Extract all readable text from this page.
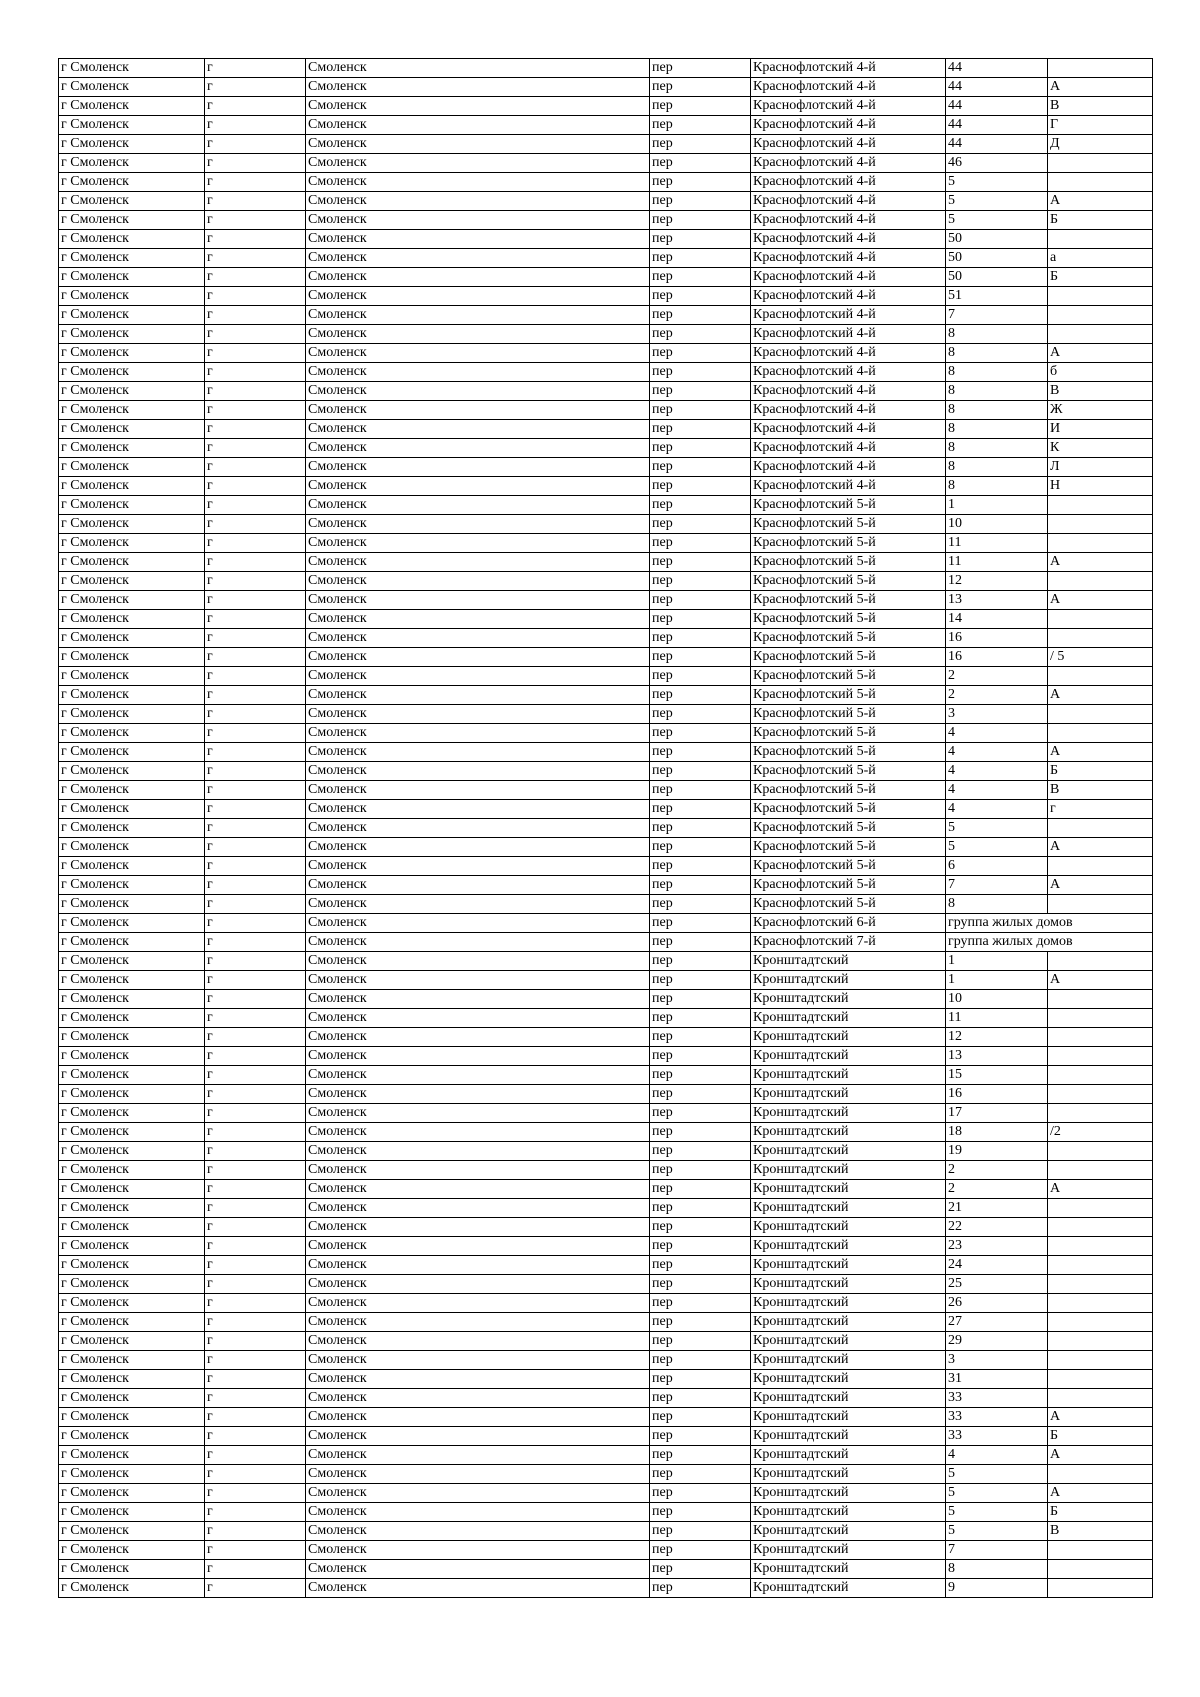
г Смоленск	г	Смоленск	пер	Краснофлотский 4-й	44	
г Смоленск	г	Смоленск	пер	Краснофлотский 4-й	44	А
г Смоленск	г	Смоленск	пер	Краснофлотский 4-й	44	В
г Смоленск	г	Смоленск	пер	Краснофлотский 4-й	44	Г
г Смоленск	г	Смоленск	пер	Краснофлотский 4-й	44	Д
г Смоленск	г	Смоленск	пер	Краснофлотский 4-й	46	
г Смоленск	г	Смоленск	пер	Краснофлотский 4-й	5	
г Смоленск	г	Смоленск	пер	Краснофлотский 4-й	5	А
г Смоленск	г	Смоленск	пер	Краснофлотский 4-й	5	Б
г Смоленск	г	Смоленск	пер	Краснофлотский 4-й	50	
г Смоленск	г	Смоленск	пер	Краснофлотский 4-й	50	а
г Смоленск	г	Смоленск	пер	Краснофлотский 4-й	50	Б
г Смоленск	г	Смоленск	пер	Краснофлотский 4-й	51	
г Смоленск	г	Смоленск	пер	Краснофлотский 4-й	7	
г Смоленск	г	Смоленск	пер	Краснофлотский 4-й	8	
г Смоленск	г	Смоленск	пер	Краснофлотский 4-й	8	А
г Смоленск	г	Смоленск	пер	Краснофлотский 4-й	8	б
г Смоленск	г	Смоленск	пер	Краснофлотский 4-й	8	В
г Смоленск	г	Смоленск	пер	Краснофлотский 4-й	8	Ж
г Смоленск	г	Смоленск	пер	Краснофлотский 4-й	8	И
г Смоленск	г	Смоленск	пер	Краснофлотский 4-й	8	К
г Смоленск	г	Смоленск	пер	Краснофлотский 4-й	8	Л
г Смоленск	г	Смоленск	пер	Краснофлотский 4-й	8	Н
г Смоленск	г	Смоленск	пер	Краснофлотский 5-й	1	
г Смоленск	г	Смоленск	пер	Краснофлотский 5-й	10	
г Смоленск	г	Смоленск	пер	Краснофлотский 5-й	11	
г Смоленск	г	Смоленск	пер	Краснофлотский 5-й	11	А
г Смоленск	г	Смоленск	пер	Краснофлотский 5-й	12	
г Смоленск	г	Смоленск	пер	Краснофлотский 5-й	13	А
г Смоленск	г	Смоленск	пер	Краснофлотский 5-й	14	
г Смоленск	г	Смоленск	пер	Краснофлотский 5-й	16	
г Смоленск	г	Смоленск	пер	Краснофлотский 5-й	16	/ 5
г Смоленск	г	Смоленск	пер	Краснофлотский 5-й	2	
г Смоленск	г	Смоленск	пер	Краснофлотский 5-й	2	А
г Смоленск	г	Смоленск	пер	Краснофлотский 5-й	3	
г Смоленск	г	Смоленск	пер	Краснофлотский 5-й	4	
г Смоленск	г	Смоленск	пер	Краснофлотский 5-й	4	А
г Смоленск	г	Смоленск	пер	Краснофлотский 5-й	4	Б
г Смоленск	г	Смоленск	пер	Краснофлотский 5-й	4	В
г Смоленск	г	Смоленск	пер	Краснофлотский 5-й	4	г
г Смоленск	г	Смоленск	пер	Краснофлотский 5-й	5	
г Смоленск	г	Смоленск	пер	Краснофлотский 5-й	5	А
г Смоленск	г	Смоленск	пер	Краснофлотский 5-й	6	
г Смоленск	г	Смоленск	пер	Краснофлотский 5-й	7	А
г Смоленск	г	Смоленск	пер	Краснофлотский 5-й	8	
г Смоленск	г	Смоленск	пер	Краснофлотский 6-й	группа жилых домов	
г Смоленск	г	Смоленск	пер	Краснофлотский 7-й	группа жилых домов	
г Смоленск	г	Смоленск	пер	Кронштадтский	1	
г Смоленск	г	Смоленск	пер	Кронштадтский	1	А
г Смоленск	г	Смоленск	пер	Кронштадтский	10	
г Смоленск	г	Смоленск	пер	Кронштадтский	11	
г Смоленск	г	Смоленск	пер	Кронштадтский	12	
г Смоленск	г	Смоленск	пер	Кронштадтский	13	
г Смоленск	г	Смоленск	пер	Кронштадтский	15	
г Смоленск	г	Смоленск	пер	Кронштадтский	16	
г Смоленск	г	Смоленск	пер	Кронштадтский	17	
г Смоленск	г	Смоленск	пер	Кронштадтский	18	/2
г Смоленск	г	Смоленск	пер	Кронштадтский	19	
г Смоленск	г	Смоленск	пер	Кронштадтский	2	
г Смоленск	г	Смоленск	пер	Кронштадтский	2	А
г Смоленск	г	Смоленск	пер	Кронштадтский	21	
г Смоленск	г	Смоленск	пер	Кронштадтский	22	
г Смоленск	г	Смоленск	пер	Кронштадтский	23	
г Смоленск	г	Смоленск	пер	Кронштадтский	24	
г Смоленск	г	Смоленск	пер	Кронштадтский	25	
г Смоленск	г	Смоленск	пер	Кронштадтский	26	
г Смоленск	г	Смоленск	пер	Кронштадтский	27	
г Смоленск	г	Смоленск	пер	Кронштадтский	29	
г Смоленск	г	Смоленск	пер	Кронштадтский	3	
г Смоленск	г	Смоленск	пер	Кронштадтский	31	
г Смоленск	г	Смоленск	пер	Кронштадтский	33	
г Смоленск	г	Смоленск	пер	Кронштадтский	33	А
г Смоленск	г	Смоленск	пер	Кронштадтский	33	Б
г Смоленск	г	Смоленск	пер	Кронштадтский	4	А
г Смоленск	г	Смоленск	пер	Кронштадтский	5	
г Смоленск	г	Смоленск	пер	Кронштадтский	5	А
г Смоленск	г	Смоленск	пер	Кронштадтский	5	Б
г Смоленск	г	Смоленск	пер	Кронштадтский	5	В
г Смоленск	г	Смоленск	пер	Кронштадтский	7	
г Смоленск	г	Смоленск	пер	Кронштадтский	8	
г Смоленск	г	Смоленск	пер	Кронштадтский	9	
